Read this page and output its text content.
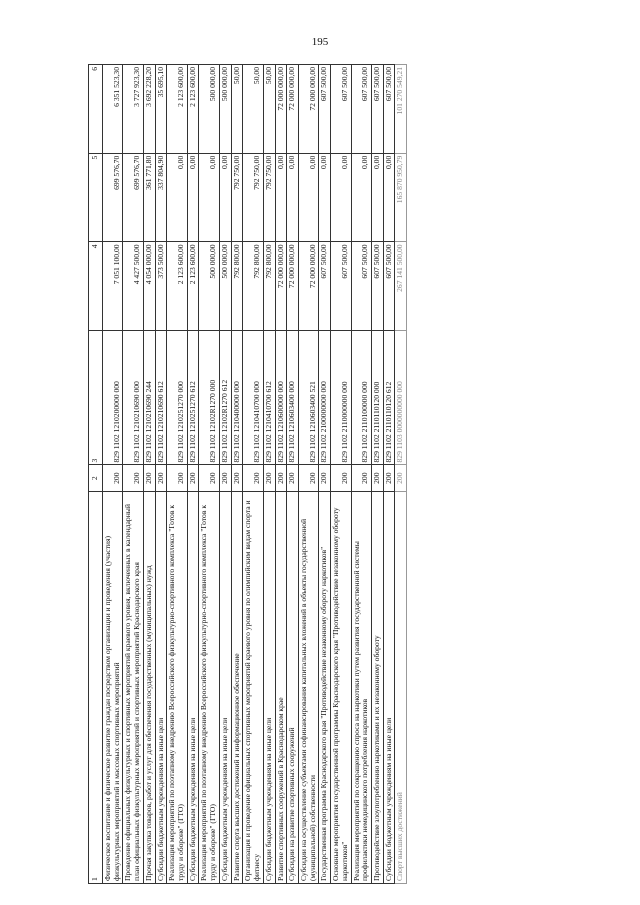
195
1	2	3	4	5	6
Физическое воспитание и физическое развитие граждан посредством организации и проведения (участия) физкультурных мероприятий и массовых спортивных мероприятий	200	829 1102 1210200000 000	7 051 100,00	699 576,70	6 351 523,30
Проведение официальных физкультурных и спортивных мероприятий краевого уровня, включенных в календарный план официальных физкультурных мероприятий и спортивных мероприятий Краснодарского края	200	829 1102 1210210690 000	4 427 500,00	699 576,70	3 727 923,30
Прочая закупка товаров, работ и услуг для обеспечения государственных (муниципальных) нужд	200	829 1102 1210210690 244	4 054 000,00	361 771,80	3 692 228,20
Субсидии бюджетным учреждениям на иные цели	200	829 1102 1210210690 612	373 500,00	337 804,90	35 695,10
Реализация мероприятий по поэтапному внедрению Всероссийского физкультурно-спортивного комплекса "Готов к труду и обороне" (ГТО)	200	829 1102 1210251270 000	2 123 600,00	0,00	2 123 600,00
Субсидии бюджетным учреждениям на иные цели	200	829 1102 1210251270 612	2 123 600,00	0,00	2 123 600,00
Реализация мероприятий по поэтапному внедрению Всероссийского физкультурно-спортивного комплекса "Готов к труду и обороне" (ГТО)	200	829 1102 12102R1270 000	500 000,00	0,00	500 000,00
Субсидии бюджетным учреждениям на иные цели	200	829 1102 12102R1270 612	500 000,00	0,00	500 000,00
Развитие спорта высших достижений и информационное обеспечение	200	829 1102 1210400000 000	792 800,00	792 750,00	50,00
Организация и проведение официальных спортивных мероприятий краевого уровня по олимпийским видам спорта и фитнесу	200	829 1102 1210410700 000	792 800,00	792 750,00	50,00
Субсидии бюджетным учреждениям на иные цели	200	829 1102 1210410700 612	792 800,00	792 750,00	50,00
Развитие спортивных сооружений в Краснодарском крае	200	829 1102 1210600000 000	72 000 000,00	0,00	72 000 000,00
Субсидии на развитие спортивных сооружений	200	829 1102 1210603400 000	72 000 000,00	0,00	72 000 000,00
Субсидии на осуществление субъектами софинансирования капитальных вложений в объекты государственной (муниципальной) собственности	200	829 1102 1210603400 521	72 000 000,00	0,00	72 000 000,00
Государственная программа Краснодарского края "Противодействие незаконному обороту наркотиков"	200	829 1102 2100000000 000	607 500,00	0,00	607 500,00
Основные мероприятия государственной программы Краснодарского края "Противодействие незаконному обороту наркотиков"	200	829 1102 2110000000 000	607 500,00	0,00	607 500,00
Реализация мероприятий по сокращению спроса на наркотики путем развития государственной системы профилактики немедицинского потребления наркотиков	200	829 1102 2110100000 000	607 500,00	0,00	607 500,00
Противодействие злоупотреблению наркотиками и их незаконному обороту	200	829 1102 2110110120 000	607 500,00	0,00	607 500,00
Субсидии бюджетным учреждениям на иные цели	200	829 1102 2110110120 612	607 500,00	0,00	607 500,00
Спорт высших достижений	200	829 1103 0000000000 000	267 141 500,00	165 870 950,79	101 270 549,21
